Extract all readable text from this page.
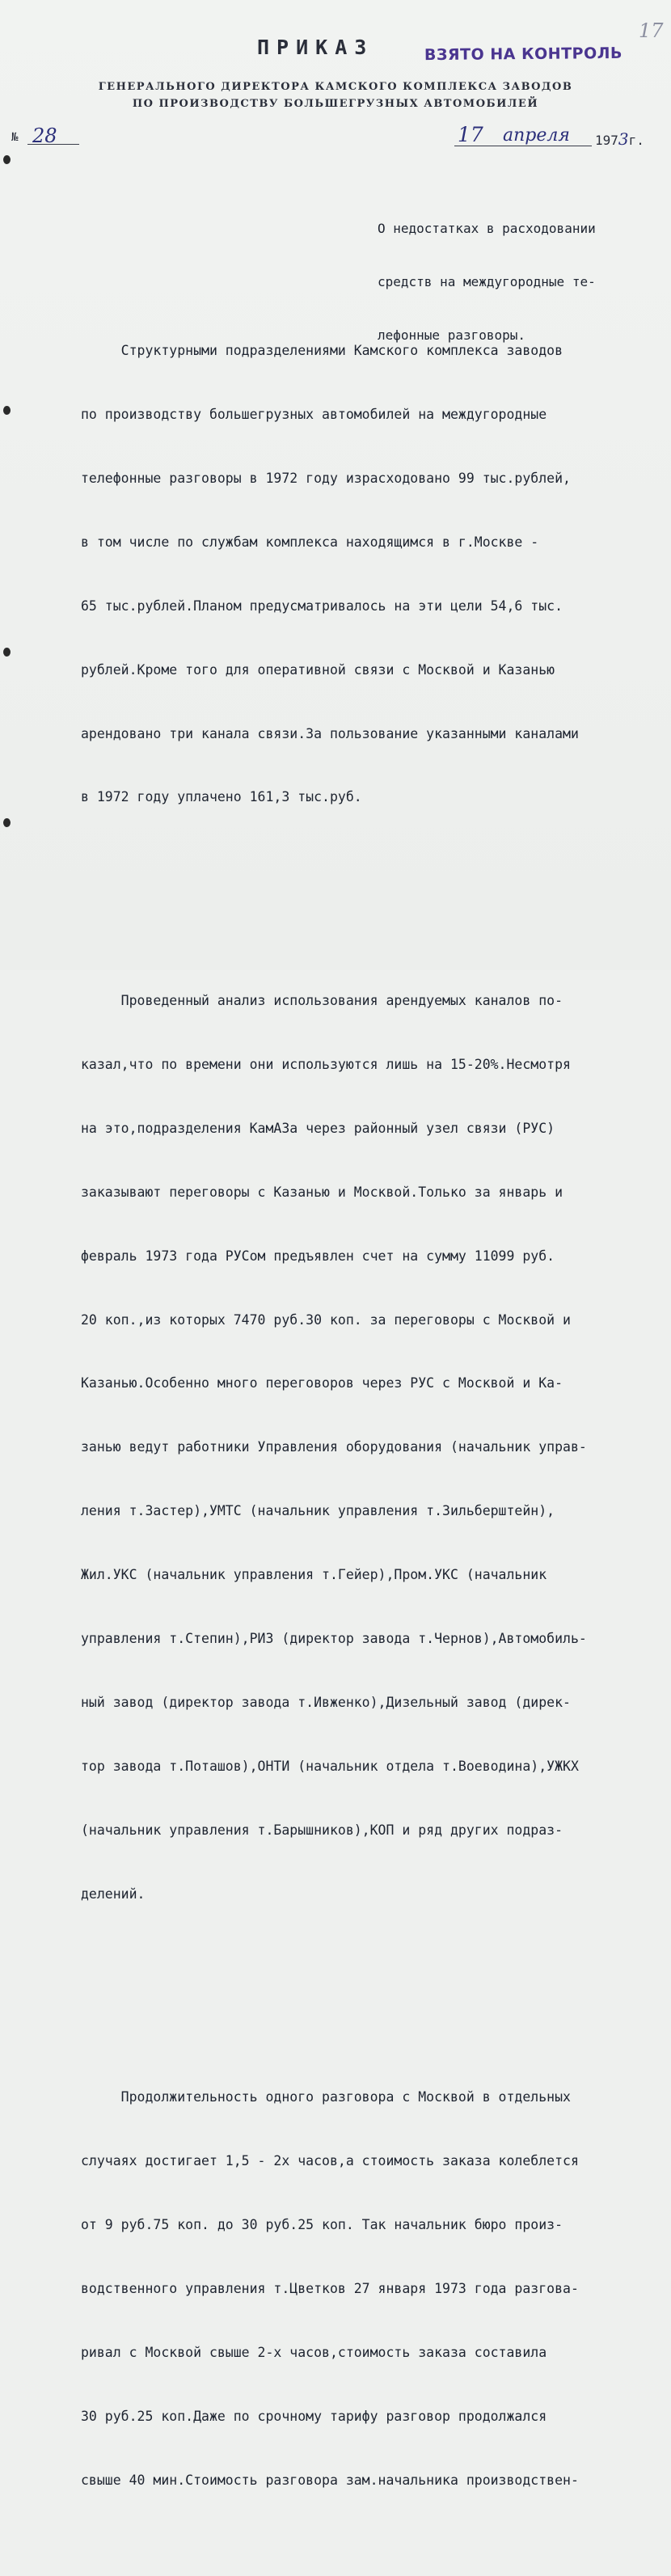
ПРИКАЗ	ВЗЯТО НА КОНТРОЛЬ
17
ГЕНЕРАЛЬНОГО ДИРЕКТОРА КАМСКОГО КОМПЛЕКСА ЗАВОДОВ
ПО ПРОИЗВОДСТВУ БОЛЬШЕГРУЗНЫХ АВТОМОБИЛЕЙ
№ 28	17 апреля 1973г.

О недостатках в расходовании

средств на междугородные те-

лефонные разговоры.

Структурными подразделениями Камского комплекса заводов

по производству большегрузных автомобилей на междугородные

телефонные разговоры в 1972 году израсходовано 99 тыс.рублей,

в том числе по службам комплекса находящимся в г.Москве -

65 тыс.рублей.Планом предусматривалось на эти цели 54,6 тыс.

рублей.Кроме того для оперативной связи с Москвой и Казанью

арендовано три канала связи.За пользование указанными каналами

в 1972 году уплачено 161,3 тыс.руб.

Проведенный анализ использования арендуемых каналов по-

казал,что по времени они используются лишь на 15-20%.Несмотря

на это,подразделения КамАЗа через районный узел связи (РУС)

заказывают переговоры с Казанью и Москвой.Только за январь и

февраль 1973 года РУСом предъявлен счет на сумму 11099 руб.

20 коп.,из которых 7470 руб.30 коп. за переговоры с Москвой и

Казанью.Особенно много переговоров через РУС с Москвой и Ка-

занью ведут работники Управления оборудования (начальник управ-

ления т.Застер),УМТС (начальник управления т.Зильберштейн),

Жил.УКС (начальник управления т.Гейер),Пром.УКС (начальник

управления т.Степин),РИЗ (директор завода т.Чернов),Автомобиль-

ный завод (директор завода т.Ивженко),Дизельный завод (дирек-

тор завода т.Поташов),ОНТИ (начальник отдела т.Воеводина),УЖКХ

(начальник управления т.Барышников),КОП и ряд других подраз-

делений.

Продолжительность одного разговора с Москвой в отдельных

случаях достигает 1,5 - 2х часов,а стоимость заказа колеблется

от 9 руб.75 коп. до 30 руб.25 коп. Так начальник бюро произ-

водственного управления т.Цветков 27 января 1973 года разгова-

ривал с Москвой свыше 2-х часов,стоимость заказа составила

30 руб.25 коп.Даже по срочному тарифу разговор продолжался

свыше 40 мин.Стоимость разговора зам.начальника производствен-
